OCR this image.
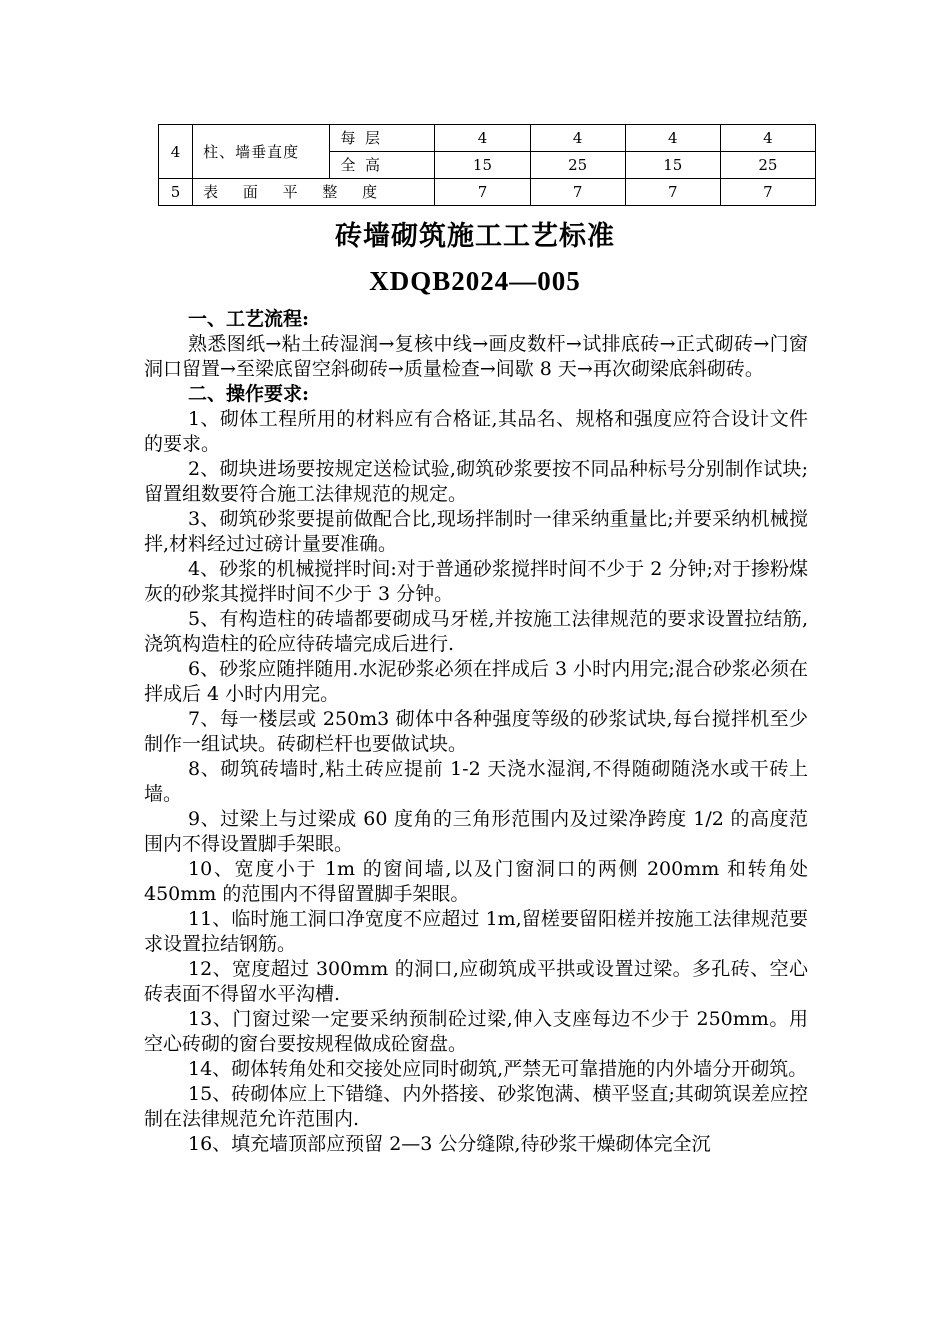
4	柱、墙垂直度	每  层	4	4	4	4
		全  高	15	25	15	25
5	表 面 平 整 度		7	7	7	7
砖墙砌筑施工工艺标准
XDQB2024—005

一、工艺流程:

熟悉图纸→粘土砖湿润→复核中线→画皮数杆→试排底砖→正式砌砖→门窗洞口留置→至梁底留空斜砌砖→质量检查→间歇 8 天→再次砌梁底斜砌砖。

二、操作要求:

1、砌体工程所用的材料应有合格证,其品名、规格和强度应符合设计文件的要求。

2、砌块进场要按规定送检试验,砌筑砂浆要按不同品种标号分别制作试块;留置组数要符合施工法律规范的规定。

3、砌筑砂浆要提前做配合比,现场拌制时一律采纳重量比;并要采纳机械搅拌,材料经过过磅计量要准确。

4、砂浆的机械搅拌时间:对于普通砂浆搅拌时间不少于 2 分钟;对于掺粉煤灰的砂浆其搅拌时间不少于 3 分钟。

5、有构造柱的砖墙都要砌成马牙槎,并按施工法律规范的要求设置拉结筋,浇筑构造柱的砼应待砖墙完成后进行.

6、砂浆应随拌随用.水泥砂浆必须在拌成后 3 小时内用完;混合砂浆必须在拌成后 4 小时内用完。

7、每一楼层或 250m3 砌体中各种强度等级的砂浆试块,每台搅拌机至少制作一组试块。砖砌栏杆也要做试块。

8、砌筑砖墙时,粘土砖应提前 1-2 天浇水湿润,不得随砌随浇水或干砖上墙。

9、过梁上与过梁成 60 度角的三角形范围内及过梁净跨度 1/2 的高度范围内不得设置脚手架眼。

10、宽度小于 1m 的窗间墙,以及门窗洞口的两侧 200mm 和转角处 450mm 的范围内不得留置脚手架眼。

11、临时施工洞口净宽度不应超过 1m,留槎要留阳槎并按施工法律规范要求设置拉结钢筋。

12、宽度超过 300mm 的洞口,应砌筑成平拱或设置过梁。多孔砖、空心砖表面不得留水平沟槽.

13、门窗过梁一定要采纳预制砼过梁,伸入支座每边不少于 250mm。用空心砖砌的窗台要按规程做成砼窗盘。

14、砌体转角处和交接处应同时砌筑,严禁无可靠措施的内外墙分开砌筑。

15、砖砌体应上下错缝、内外搭接、砂浆饱满、横平竖直;其砌筑误差应控制在法律规范允许范围内.

16、填充墙顶部应预留 2—3 公分缝隙,待砂浆干燥砌体完全沉
